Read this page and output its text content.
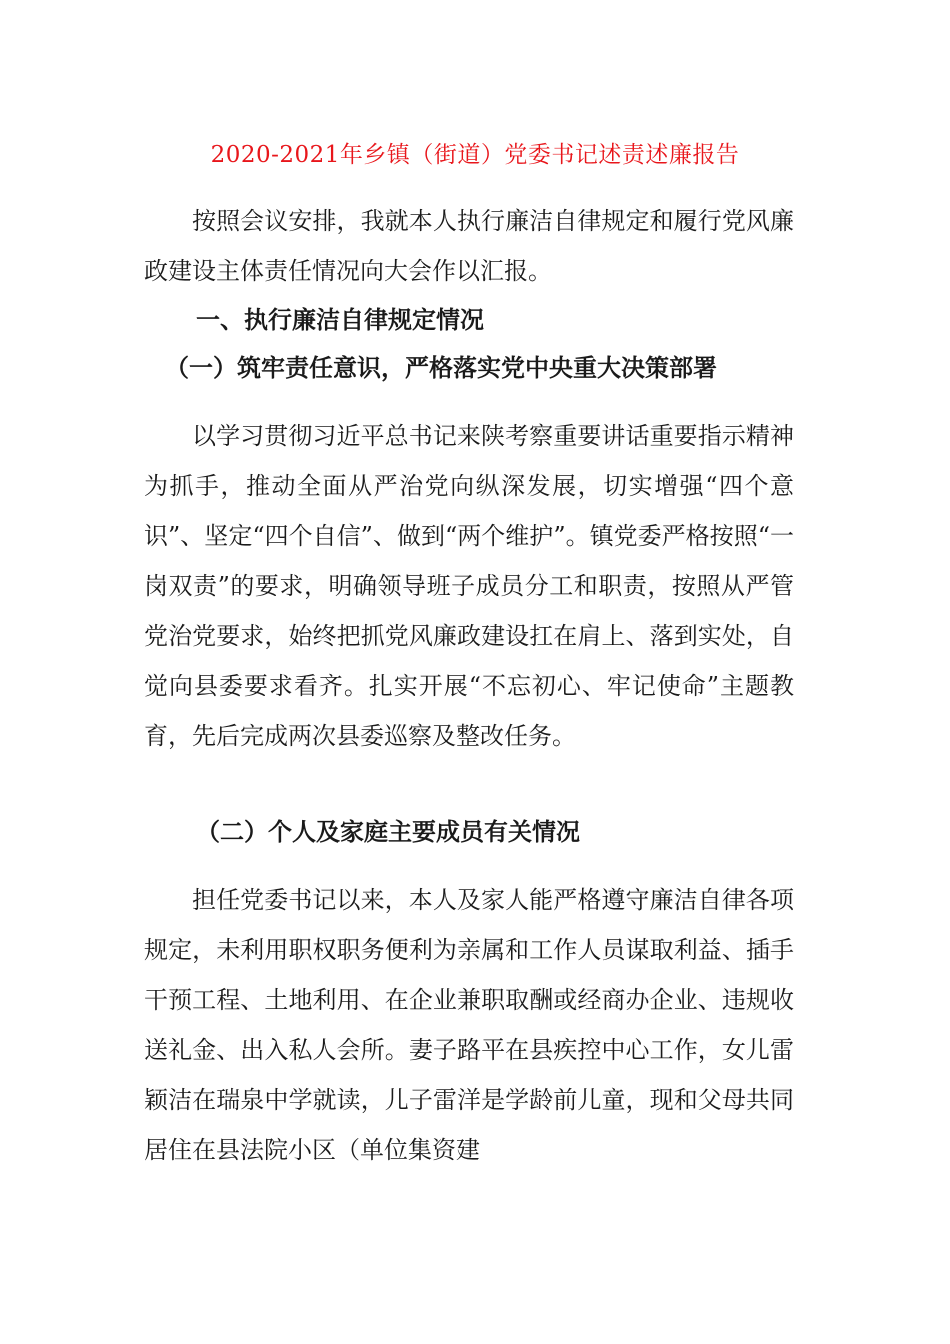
2020-2021年乡镇（街道）党委书记述责述廉报告
按照会议安排，我就本人执行廉洁自律规定和履行党风廉政建设主体责任情况向大会作以汇报。
一、执行廉洁自律规定情况
（一）筑牢责任意识，严格落实党中央重大决策部署
以学习贯彻习近平总书记来陕考察重要讲话重要指示精神为抓手，推动全面从严治党向纵深发展，切实增强“四个意识”、坚定“四个自信”、做到“两个维护”。镇党委严格按照“一岗双责”的要求，明确领导班子成员分工和职责，按照从严管党治党要求，始终把抓党风廉政建设扛在肩上、落到实处，自觉向县委要求看齐。扎实开展“不忘初心、牢记使命”主题教育，先后完成两次县委巡察及整改任务。
（二）个人及家庭主要成员有关情况
担任党委书记以来，本人及家人能严格遵守廉洁自律各项规定，未利用职权职务便利为亲属和工作人员谋取利益、插手干预工程、土地利用、在企业兼职取酬或经商办企业、违规收送礼金、出入私人会所。妻子路平在县疾控中心工作，女儿雷颖洁在瑞泉中学就读，儿子雷洋是学龄前儿童，现和父母共同居住在县法院小区（单位集资建
